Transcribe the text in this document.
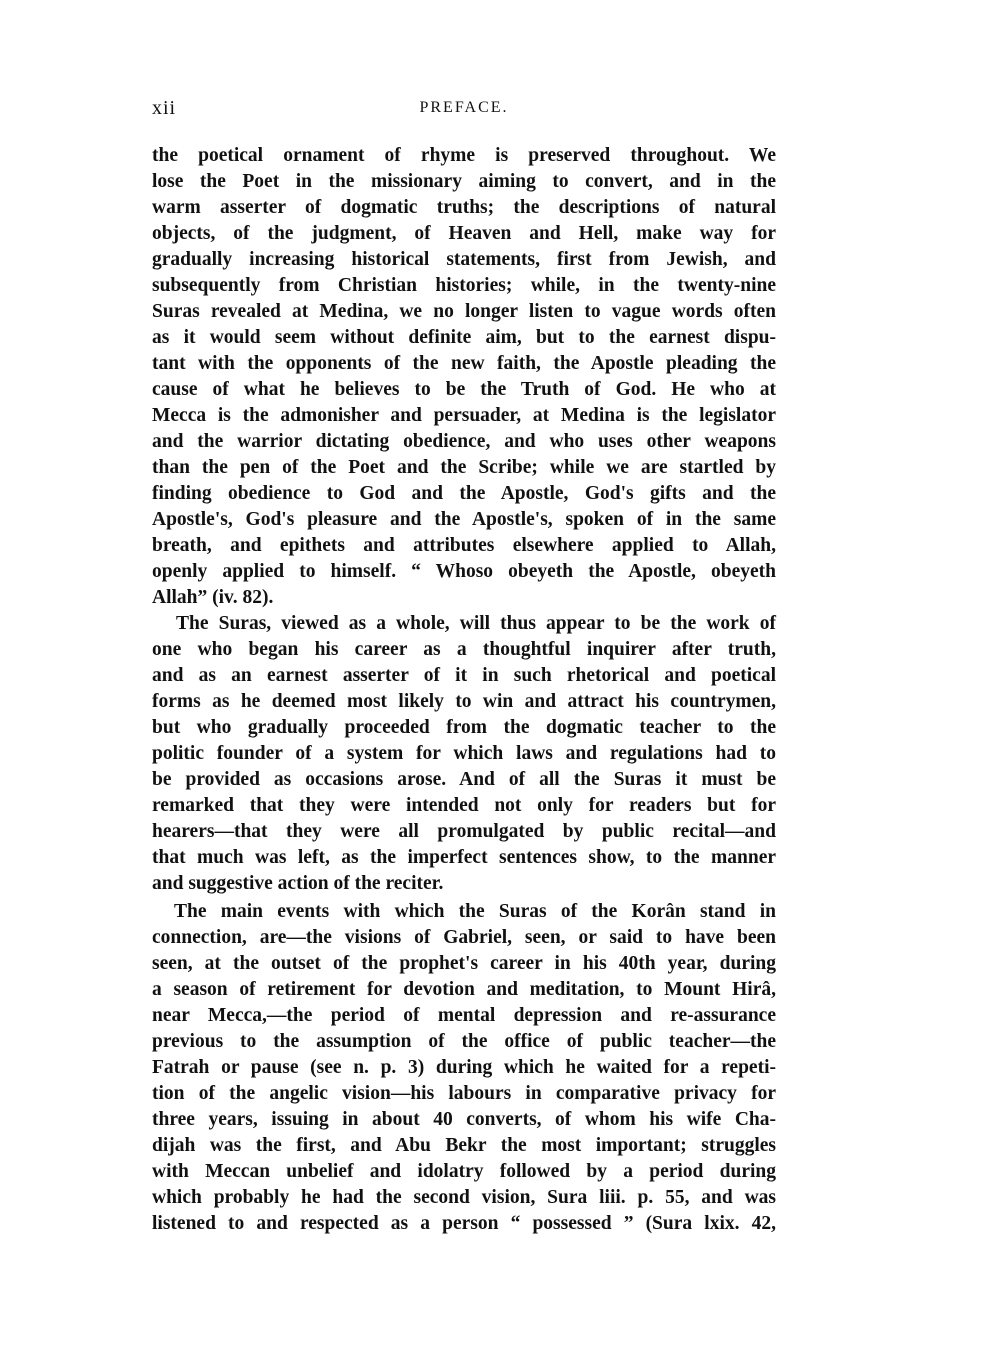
xii	PREFACE.
the poetical ornament of rhyme is preserved throughout. We
lose the Poet in the missionary aiming to convert, and in the
warm asserter of dogmatic truths; the descriptions of natural
objects, of the judgment, of Heaven and Hell, make way for
gradually increasing historical statements, first from Jewish, and
subsequently from Christian histories; while, in the twenty-nine
Suras revealed at Medina, we no longer listen to vague words often
as it would seem without definite aim, but to the earnest dispu-
tant with the opponents of the new faith, the Apostle pleading the
cause of what he believes to be the Truth of God. He who at
Mecca is the admonisher and persuader, at Medina is the legislator
and the warrior dictating obedience, and who uses other weapons
than the pen of the Poet and the Scribe; while we are startled by
finding obedience to God and the Apostle, God's gifts and the
Apostle's, God's pleasure and the Apostle's, spoken of in the same
breath, and epithets and attributes elsewhere applied to Allah,
openly applied to himself. “ Whoso obeyeth the Apostle, obeyeth
Allah” (iv. 82).
The Suras, viewed as a whole, will thus appear to be the work of
one who began his career as a thoughtful inquirer after truth,
and as an earnest asserter of it in such rhetorical and poetical
forms as he deemed most likely to win and attract his countrymen,
but who gradually proceeded from the dogmatic teacher to the
politic founder of a system for which laws and regulations had to
be provided as occasions arose. And of all the Suras it must be
remarked that they were intended not only for readers but for
hearers—that they were all promulgated by public recital—and
that much was left, as the imperfect sentences show, to the manner
and suggestive action of the reciter.
The main events with which the Suras of the Korân stand in
connection, are—the visions of Gabriel, seen, or said to have been
seen, at the outset of the prophet's career in his 40th year, during
a season of retirement for devotion and meditation, to Mount Hirâ,
near Mecca,—the period of mental depression and re-assurance
previous to the assumption of the office of public teacher—the
Fatrah or pause (see n. p. 3) during which he waited for a repeti-
tion of the angelic vision—his labours in comparative privacy for
three years, issuing in about 40 converts, of whom his wife Cha-
dijah was the first, and Abu Bekr the most important; struggles
with Meccan unbelief and idolatry followed by a period during
which probably he had the second vision, Sura liii. p. 55, and was
listened to and respected as a person “ possessed ” (Sura lxix. 42,
